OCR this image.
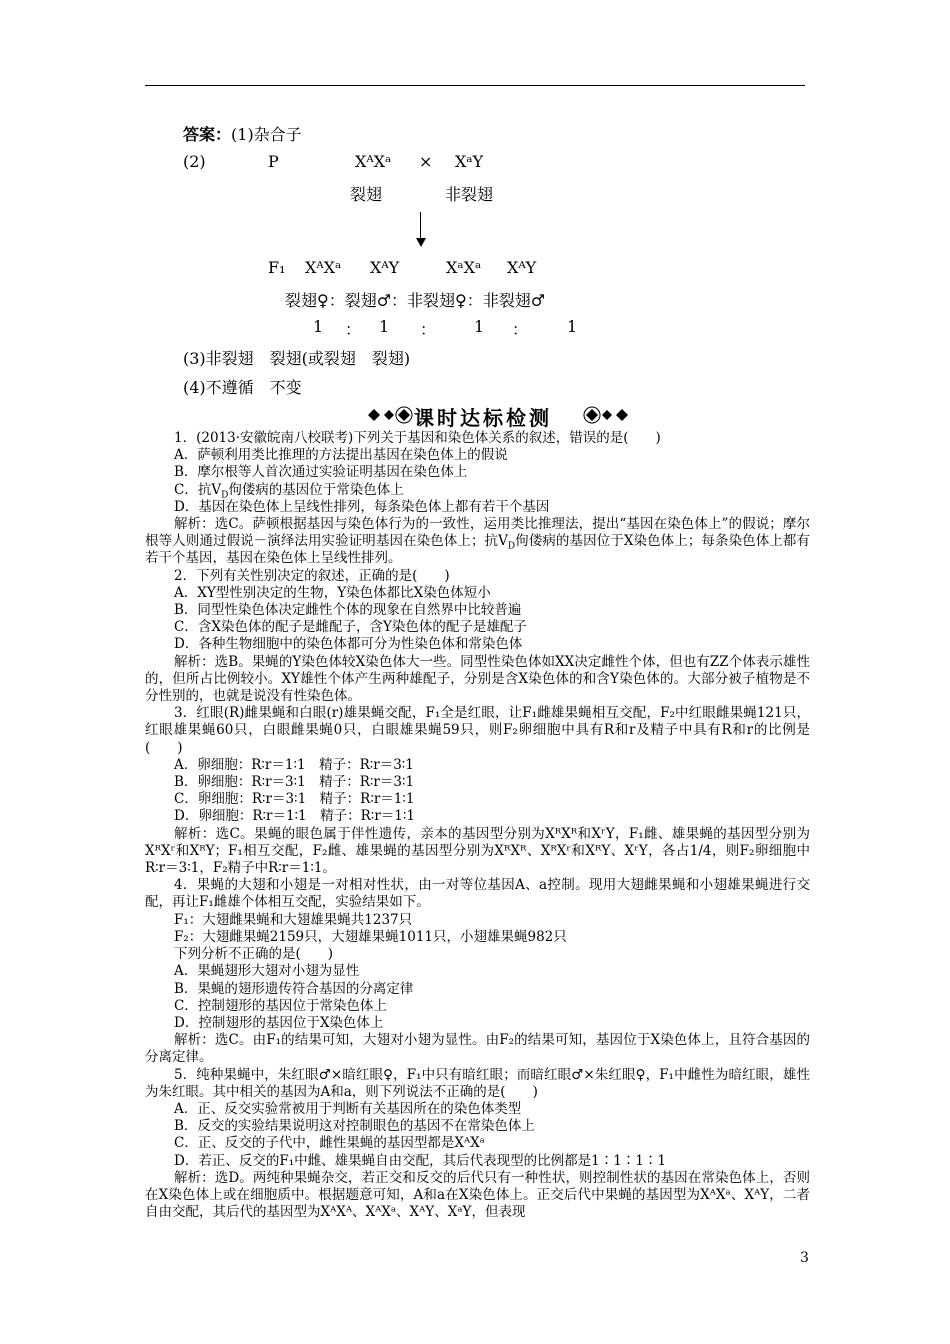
答案：(1)杂合子
(2)	P	XᴬXᵃ × XᵃY
裂翅	非裂翅
F₁ XᴬXᵃ XᴬY	XᵃXᵃ XᴬY
裂翅♀：裂翅♂：非裂翅♀：非裂翅♂
1 ： 1 ： 1 ： 1
(3)非裂翅　裂翅(或裂翅　裂翅)
(4)不遵循　不变
课时达标检测

1．(2013·安徽皖南八校联考)下列关于基因和染色体关系的叙述，错误的是(　　)

A．萨顿利用类比推理的方法提出基因在染色体上的假说

B．摩尔根等人首次通过实验证明基因在染色体上

C．抗$V_D$佝偻病的基因位于常染色体上

D．基因在染色体上呈线性排列，每条染色体上都有若干个基因

解析：选C。萨顿根据基因与染色体行为的一致性，运用类比推理法，提出“基因在染色体上”的假说；摩尔根等人则通过假说－演绎法用实验证明基因在染色体上；抗$V_D$佝偻病的基因位于X染色体上；每条染色体上都有若干个基因，基因在染色体上呈线性排列。

2．下列有关性别决定的叙述，正确的是(　　)

A．XY型性别决定的生物，Y染色体都比X染色体短小

B．同型性染色体决定雌性个体的现象在自然界中比较普遍

C．含X染色体的配子是雌配子，含Y染色体的配子是雄配子

D．各种生物细胞中的染色体都可分为性染色体和常染色体

解析：选B。果蝇的Y染色体较X染色体大一些。同型性染色体如XX决定雌性个体，但也有ZZ个体表示雄性的，但所占比例较小。XY雄性个体产生两种雄配子，分别是含X染色体的和含Y染色体的。大部分被子植物是不分性别的，也就是说没有性染色体。

3．红眼(R)雌果蝇和白眼(r)雄果蝇交配，F₁全是红眼，让F₁雌雄果蝇相互交配，F₂中红眼雌果蝇121只，红眼雄果蝇60只，白眼雌果蝇0只，白眼雄果蝇59只，则F₂卵细胞中具有R和r及精子中具有R和r的比例是(　　)

A．卵细胞：R∶r＝1∶1　精子：R∶r＝3∶1

B．卵细胞：R∶r＝3∶1　精子：R∶r＝3∶1

C．卵细胞：R∶r＝3∶1　精子：R∶r＝1∶1

D．卵细胞：R∶r＝1∶1　精子：R∶r＝1∶1

解析：选C。果蝇的眼色属于伴性遗传，亲本的基因型分别为XᴿXᴿ和XʳY，F₁雌、雄果蝇的基因型分别为XᴿXʳ和XᴿY；F₁相互交配，F₂雌、雄果蝇的基因型分别为XᴿXᴿ、XᴿXʳ和XᴿY、XʳY，各占1/4，则F₂卵细胞中R∶r＝3∶1，F₂精子中R∶r＝1∶1。

4．果蝇的大翅和小翅是一对相对性状，由一对等位基因A、a控制。现用大翅雌果蝇和小翅雄果蝇进行交配，再让F₁雌雄个体相互交配，实验结果如下。

F₁：大翅雌果蝇和大翅雄果蝇共1237只

F₂：大翅雌果蝇2159只，大翅雄果蝇1011只，小翅雄果蝇982只

下列分析不正确的是(　　)

A．果蝇翅形大翅对小翅为显性

B．果蝇的翅形遗传符合基因的分离定律

C．控制翅形的基因位于常染色体上

D．控制翅形的基因位于X染色体上

解析：选C。由F₁的结果可知，大翅对小翅为显性。由F₂的结果可知，基因位于X染色体上，且符合基因的分离定律。

5．纯种果蝇中，朱红眼♂×暗红眼♀，F₁中只有暗红眼；而暗红眼♂×朱红眼♀，F₁中雌性为暗红眼，雄性为朱红眼。其中相关的基因为A和a，则下列说法不正确的是(　　)

A．正、反交实验常被用于判断有关基因所在的染色体类型

B．反交的实验结果说明这对控制眼色的基因不在常染色体上

C．正、反交的子代中，雌性果蝇的基因型都是XᴬXᵃ

D．若正、反交的F₁中雌、雄果蝇自由交配，其后代表现型的比例都是1∶1∶1∶1

解析：选D。两纯种果蝇杂交，若正交和反交的后代只有一种性状，则控制性状的基因在常染色体上，否则在X染色体上或在细胞质中。根据题意可知，A和a在X染色体上。正交后代中果蝇的基因型为XᴬXᵃ、XᴬY，二者自由交配，其后代的基因型为XᴬXᴬ、XᴬXᵃ、XᴬY、XᵃY，但表现

3
